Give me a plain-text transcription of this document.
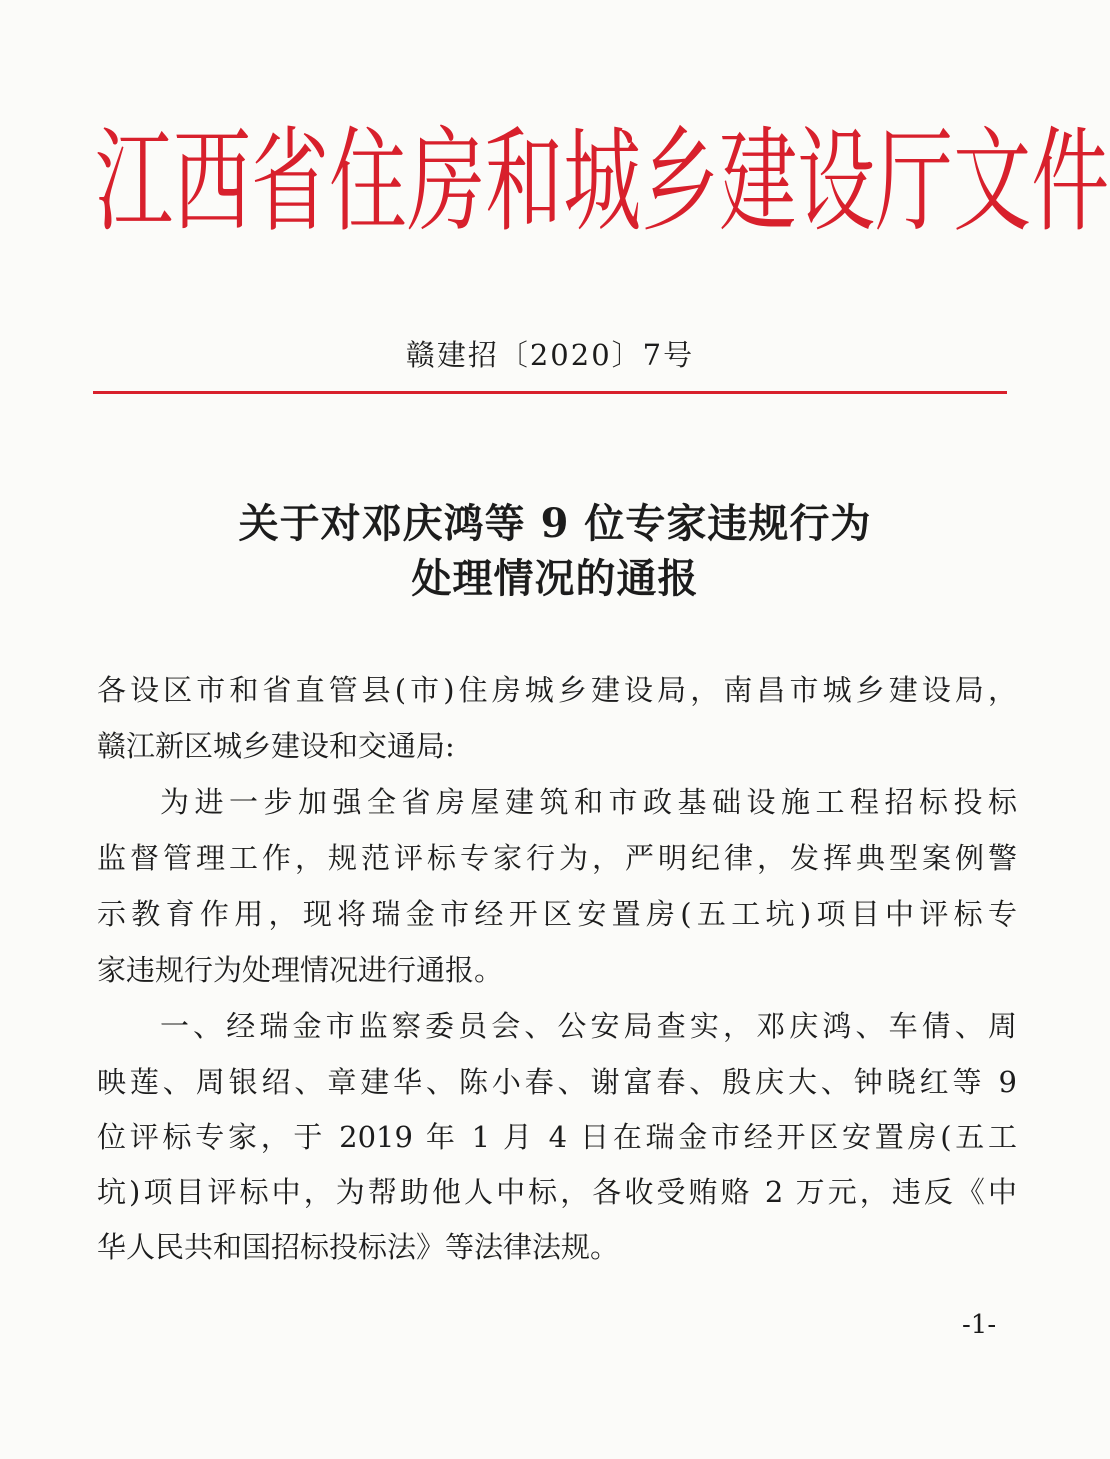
江 西 省 住 房 和 城 乡 建 设 厅 文 件
赣建招〔2020〕7号
关于对邓庆鸿等 9 位专家违规行为
处理情况的通报
各设区市和省直管县(市)住房城乡建设局，南昌市城乡建设局，
赣江新区城乡建设和交通局:
为进一步加强全省房屋建筑和市政基础设施工程招标投标
监督管理工作，规范评标专家行为，严明纪律，发挥典型案例警
示教育作用，现将瑞金市经开区安置房(五工坑)项目中评标专
家违规行为处理情况进行通报。
一、经瑞金市监察委员会、公安局查实，邓庆鸿、车倩、周
映莲、周银绍、章建华、陈小春、谢富春、殷庆大、钟晓红等 9
位评标专家，于 2019 年 1 月 4 日在瑞金市经开区安置房(五工
坑)项目评标中，为帮助他人中标，各收受贿赂 2 万元，违反《中
华人民共和国招标投标法》等法律法规。
-1-
